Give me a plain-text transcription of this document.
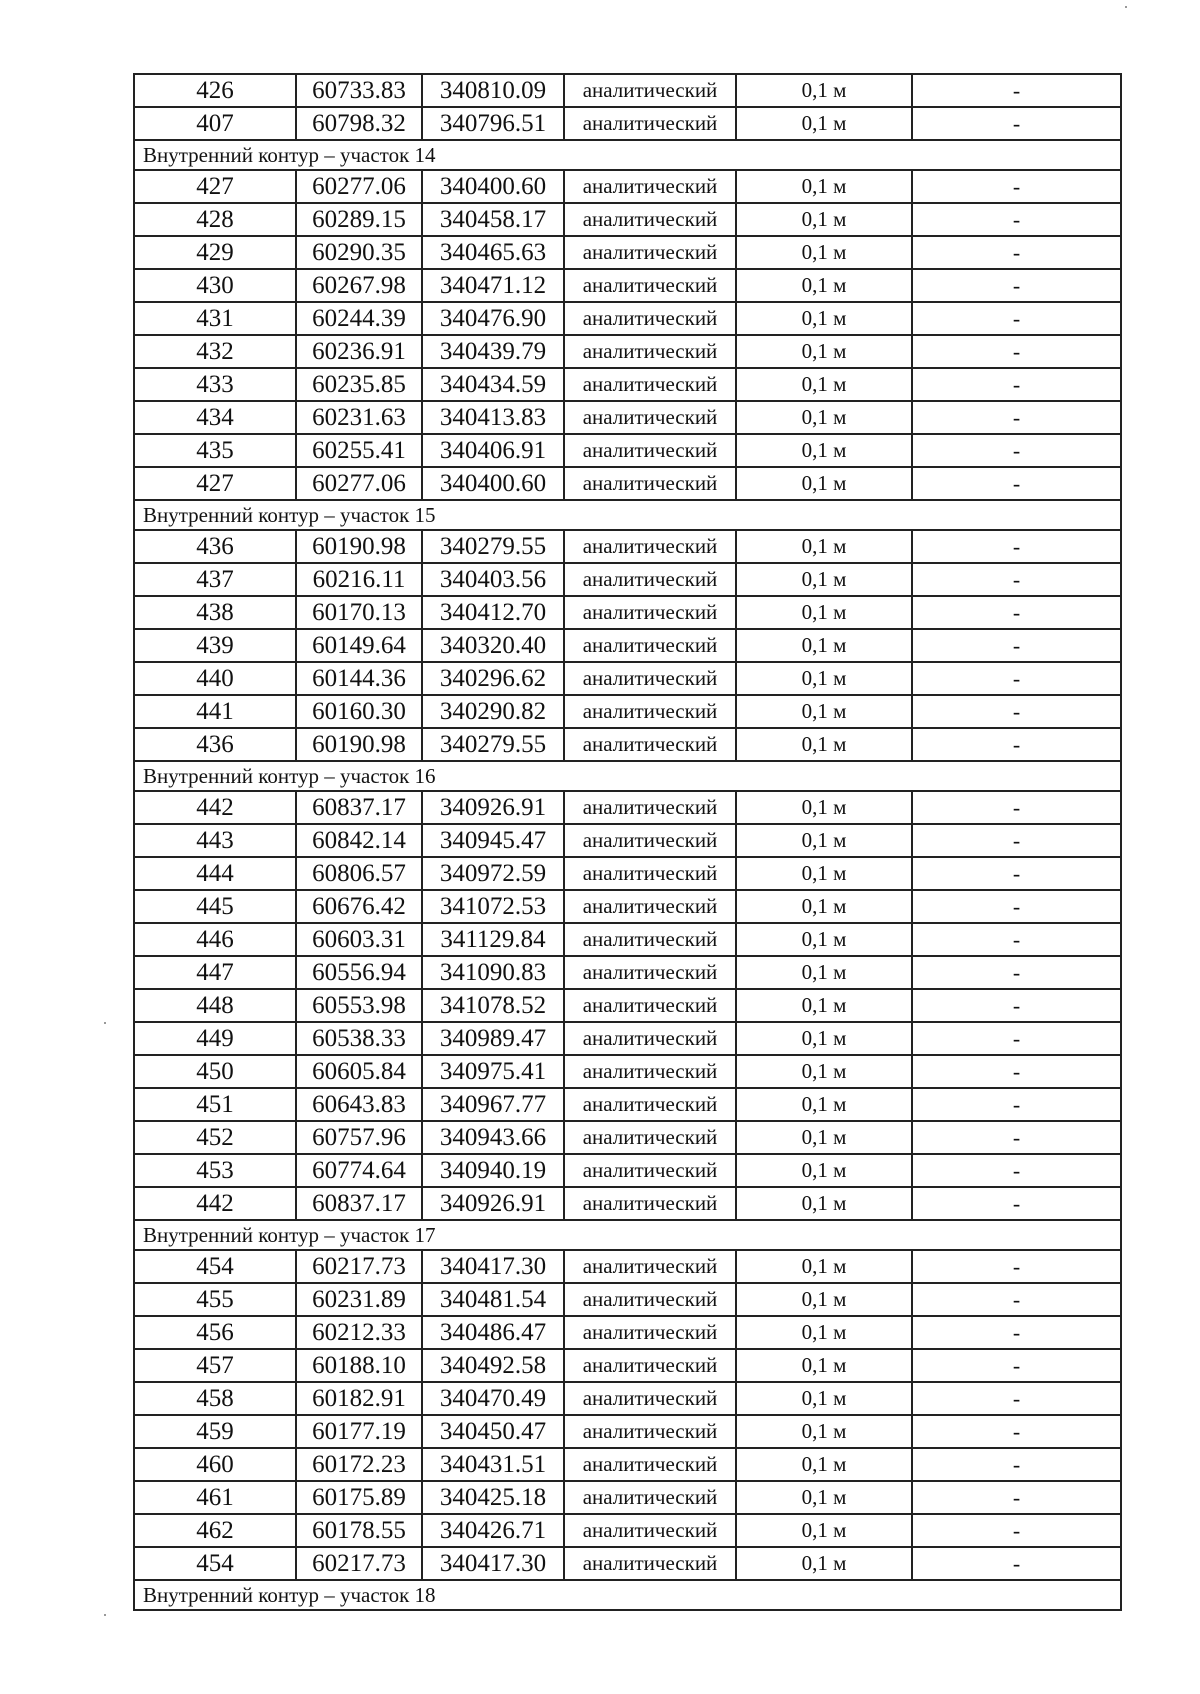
426	60733.83	340810.09	аналитический	0,1 м	-
407	60798.32	340796.51	аналитический	0,1 м	-
Внутренний контур – участок 14					
427	60277.06	340400.60	аналитический	0,1 м	-
428	60289.15	340458.17	аналитический	0,1 м	-
429	60290.35	340465.63	аналитический	0,1 м	-
430	60267.98	340471.12	аналитический	0,1 м	-
431	60244.39	340476.90	аналитический	0,1 м	-
432	60236.91	340439.79	аналитический	0,1 м	-
433	60235.85	340434.59	аналитический	0,1 м	-
434	60231.63	340413.83	аналитический	0,1 м	-
435	60255.41	340406.91	аналитический	0,1 м	-
427	60277.06	340400.60	аналитический	0,1 м	-
Внутренний контур – участок 15					
436	60190.98	340279.55	аналитический	0,1 м	-
437	60216.11	340403.56	аналитический	0,1 м	-
438	60170.13	340412.70	аналитический	0,1 м	-
439	60149.64	340320.40	аналитический	0,1 м	-
440	60144.36	340296.62	аналитический	0,1 м	-
441	60160.30	340290.82	аналитический	0,1 м	-
436	60190.98	340279.55	аналитический	0,1 м	-
Внутренний контур – участок 16					
442	60837.17	340926.91	аналитический	0,1 м	-
443	60842.14	340945.47	аналитический	0,1 м	-
444	60806.57	340972.59	аналитический	0,1 м	-
445	60676.42	341072.53	аналитический	0,1 м	-
446	60603.31	341129.84	аналитический	0,1 м	-
447	60556.94	341090.83	аналитический	0,1 м	-
448	60553.98	341078.52	аналитический	0,1 м	-
449	60538.33	340989.47	аналитический	0,1 м	-
450	60605.84	340975.41	аналитический	0,1 м	-
451	60643.83	340967.77	аналитический	0,1 м	-
452	60757.96	340943.66	аналитический	0,1 м	-
453	60774.64	340940.19	аналитический	0,1 м	-
442	60837.17	340926.91	аналитический	0,1 м	-
Внутренний контур – участок 17					
454	60217.73	340417.30	аналитический	0,1 м	-
455	60231.89	340481.54	аналитический	0,1 м	-
456	60212.33	340486.47	аналитический	0,1 м	-
457	60188.10	340492.58	аналитический	0,1 м	-
458	60182.91	340470.49	аналитический	0,1 м	-
459	60177.19	340450.47	аналитический	0,1 м	-
460	60172.23	340431.51	аналитический	0,1 м	-
461	60175.89	340425.18	аналитический	0,1 м	-
462	60178.55	340426.71	аналитический	0,1 м	-
454	60217.73	340417.30	аналитический	0,1 м	-
Внутренний контур – участок 18					
